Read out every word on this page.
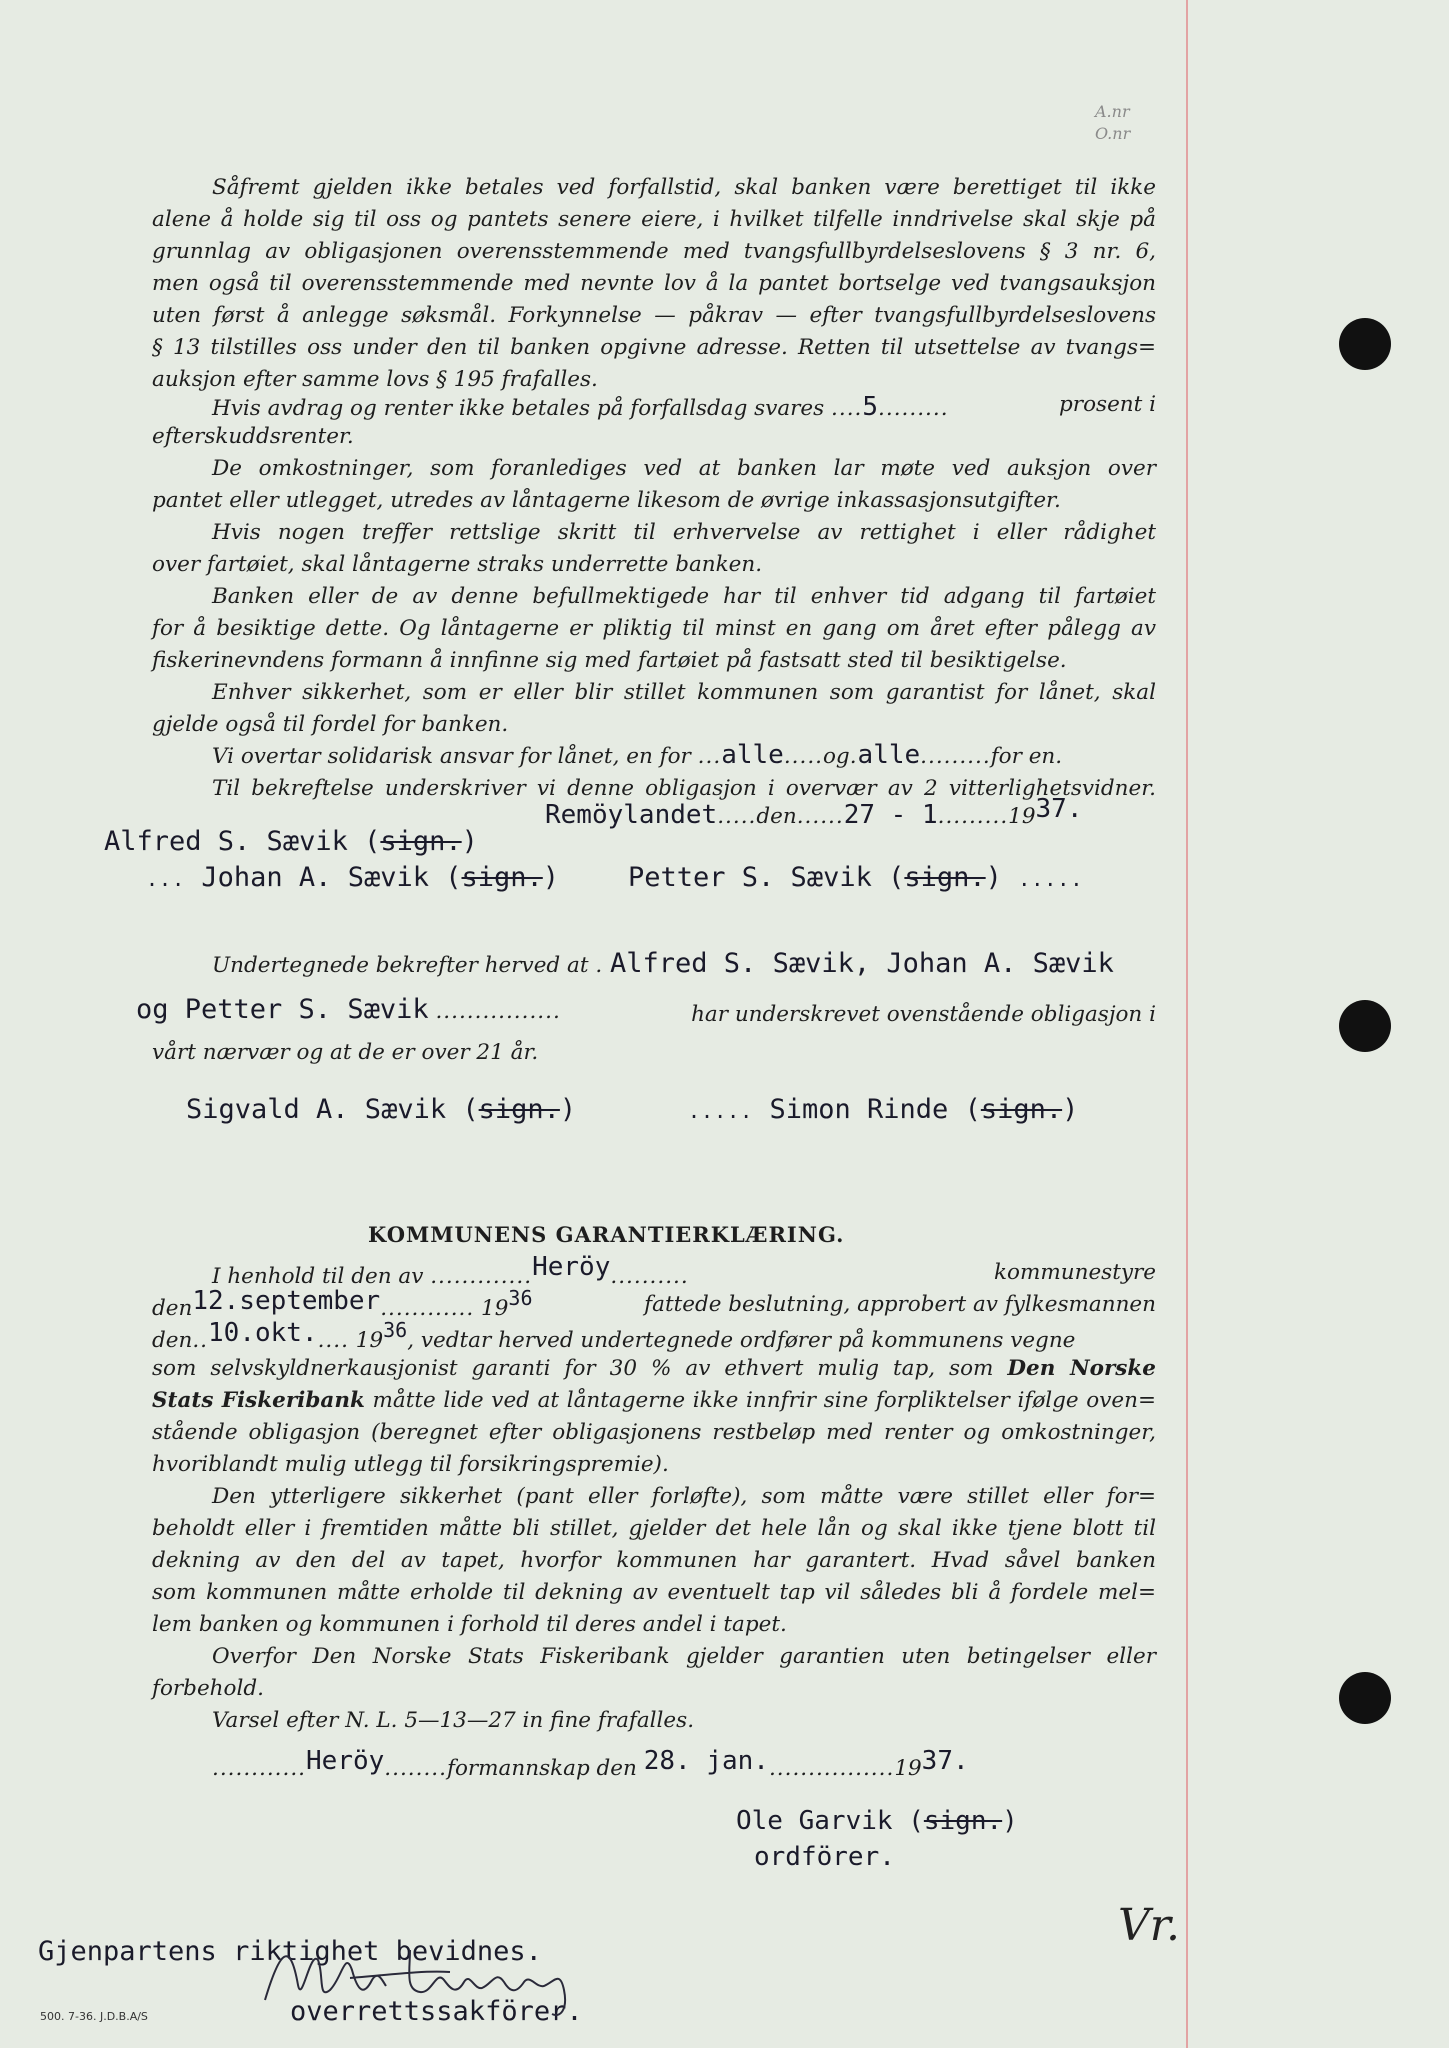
A.nr
O.nr
Såfremt gjelden ikke betales ved forfallstid, skal banken være berettiget til ikke
alene å holde sig til oss og pantets senere eiere, i hvilket tilfelle inndrivelse skal skje på
grunnlag av obligasjonen overensstemmende med tvangsfullbyrdelseslovens § 3 nr. 6,
men også til overensstemmende med nevnte lov å la pantet bortselge ved tvangsauksjon
uten først å anlegge søksmål. Forkynnelse — påkrav — efter tvangsfullbyrdelseslovens
§ 13 tilstilles oss under den til banken opgivne adresse. Retten til utsettelse av tvangs=
auksjon efter samme lovs § 195 frafalles.
Hvis avdrag og renter ikke betales på forfallsdag svares ....5.........	prosent i
efterskuddsrenter.
De omkostninger, som foranlediges ved at banken lar møte ved auksjon over
pantet eller utlegget, utredes av låntagerne likesom de øvrige inkassasjonsutgifter.
Hvis nogen treffer rettslige skritt til erhvervelse av rettighet i eller rådighet
over fartøiet, skal låntagerne straks underrette banken.
Banken eller de av denne befullmektigede har til enhver tid adgang til fartøiet
for å besiktige dette. Og låntagerne er pliktig til minst en gang om året efter pålegg av
fiskerinevndens formann å innfinne sig med fartøiet på fastsatt sted til besiktigelse.
Enhver sikkerhet, som er eller blir stillet kommunen som garantist for lånet, skal
gjelde også til fordel for banken.
Vi overtar solidarisk ansvar for lånet, en for ...alle.....og.alle.........for en.
Til bekreftelse underskriver vi denne obligasjon i overvær av 2 vitterlighetsvidner.
Remöylandet.....den......27 - 1.........1937.
Alfred S. Sævik (sign.)
... Johan A. Sævik (sign.)	Petter S. Sævik (sign.) .....
Undertegnede bekrefter herved at . Alfred S. Sævik, Johan A. Sævik
og Petter S. Sævik ................	har underskrevet ovenstående obligasjon i
vårt nærvær og at de er over 21 år.
Sigvald A. Sævik (sign.)	..... Simon Rinde (sign.)
KOMMUNENS GARANTIERKLÆRING.
I henhold til den av .............Heröy..........	kommunestyre
den12.september............ 1936	fattede beslutning, approbert av fylkesmannen
den..10.okt..... 1936, vedtar herved undertegnede ordfører på kommunens vegne
som selvskyldnerkausjonist garanti for 30 % av ethvert mulig tap, som Den Norske
Stats Fiskeribank måtte lide ved at låntagerne ikke innfrir sine forpliktelser ifølge oven=
stående obligasjon (beregnet efter obligasjonens restbeløp med renter og omkostninger,
hvoriblandt mulig utlegg til forsikringspremie).
Den ytterligere sikkerhet (pant eller forløfte), som måtte være stillet eller for=
beholdt eller i fremtiden måtte bli stillet, gjelder det hele lån og skal ikke tjene blott til
dekning av den del av tapet, hvorfor kommunen har garantert. Hvad såvel banken
som kommunen måtte erholde til dekning av eventuelt tap vil således bli å fordele mel=
lem banken og kommunen i forhold til deres andel i tapet.
Overfor Den Norske Stats Fiskeribank gjelder garantien uten betingelser eller
forbehold.
Varsel efter N. L. 5—13—27 in fine frafalles.
............Heröy........formannskap den 28. jan.................1937.
Ole Garvik (sign.)
ordförer.
Gjenpartens riktighet bevidnes.
overrettssakförer.
Vr.
500. 7-36. J.D.B.A/S
